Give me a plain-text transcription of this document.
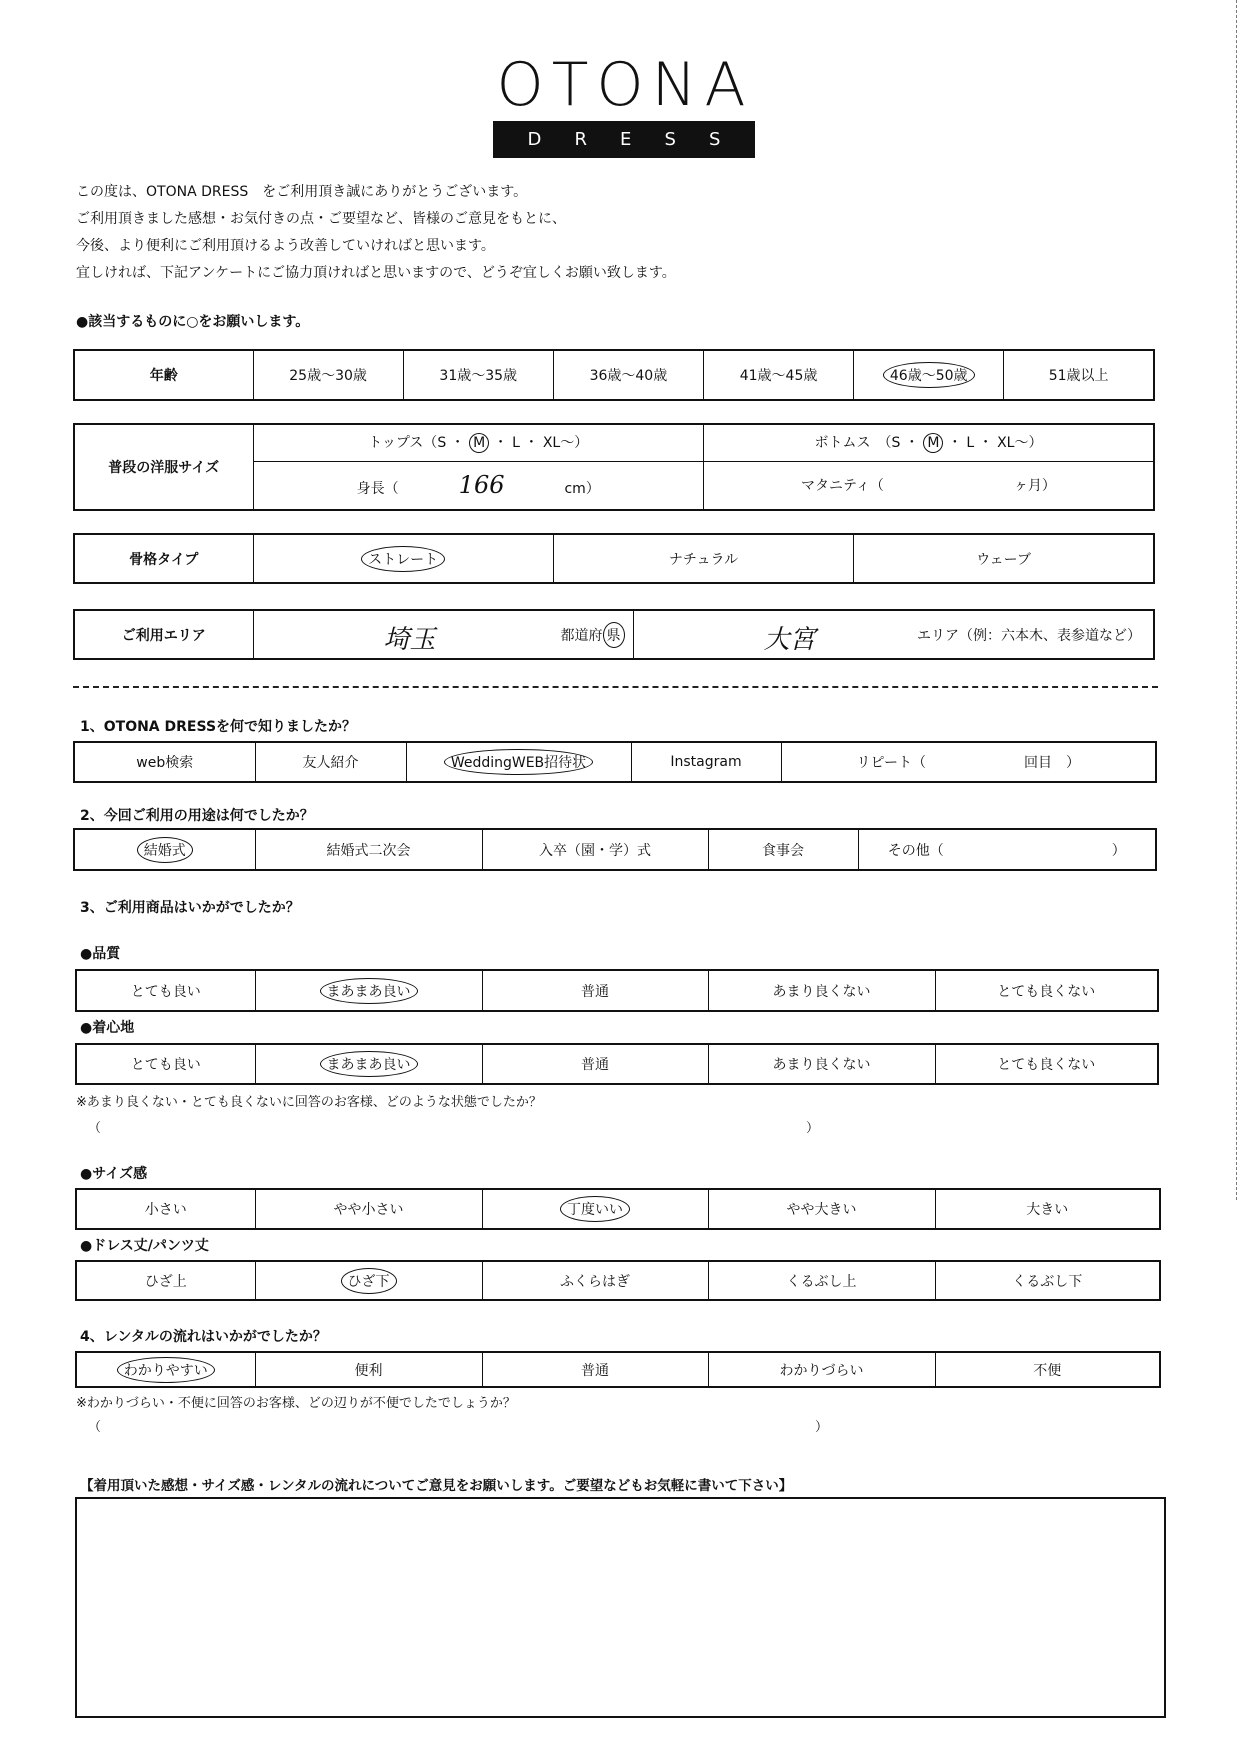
OTONA
D R E S S
この度は、OTONA DRESS　をご利用頂き誠にありがとうございます。
ご利用頂きました感想・お気付きの点・ご要望など、皆様のご意見をもとに、
今後、より便利にご利用頂けるよう改善していければと思います。
宜しければ、下記アンケートにご協力頂ければと思いますので、どうぞ宜しくお願い致します。
●該当するものに○をお願いします。
年齢	25歳～30歳	31歳～35歳	36歳～40歳	41歳～45歳	46歳～50歳	51歳以上
普段の洋服サイズ	トップス（S ・ M ・ L ・ XL～）	ボトムス　（S ・ M ・ L ・ XL～）
	身長（ 166 cm）	マタニティ（ ヶ月）
骨格タイプ	ストレート	ナチュラル	ウェーブ
ご利用エリア	埼玉	都道府 県	大宮	エリア（例：六本木、表参道など）
1、OTONA DRESSを何で知りましたか？
web検索	友人紹介	WeddingWEB招待状	Instagram	リピート（　　　　　　　回目　）
2、今回ご利用の用途は何でしたか？
結婚式	結婚式二次会	入卒（園・学）式	食事会	その他（　　　　　　　　　　　　）
3、ご利用商品はいかがでしたか？
●品質
とても良い	まあまあ良い	普通	あまり良くない	とても良くない
●着心地
とても良い	まあまあ良い	普通	あまり良くない	とても良くない
※あまり良くない・とても良くないに回答のお客様、どのような状態でしたか？
（	）
●サイズ感
小さい	やや小さい	丁度いい	やや大きい	大きい
●ドレス丈/パンツ丈
ひざ上	ひざ下	ふくらはぎ	くるぶし上	くるぶし下
4、レンタルの流れはいかがでしたか？
わかりやすい	便利	普通	わかりづらい	不便
※わかりづらい・不便に回答のお客様、どの辺りが不便でしたでしょうか？
（	）
【着用頂いた感想・サイズ感・レンタルの流れについてご意見をお願いします。ご要望などもお気軽に書いて下さい】
